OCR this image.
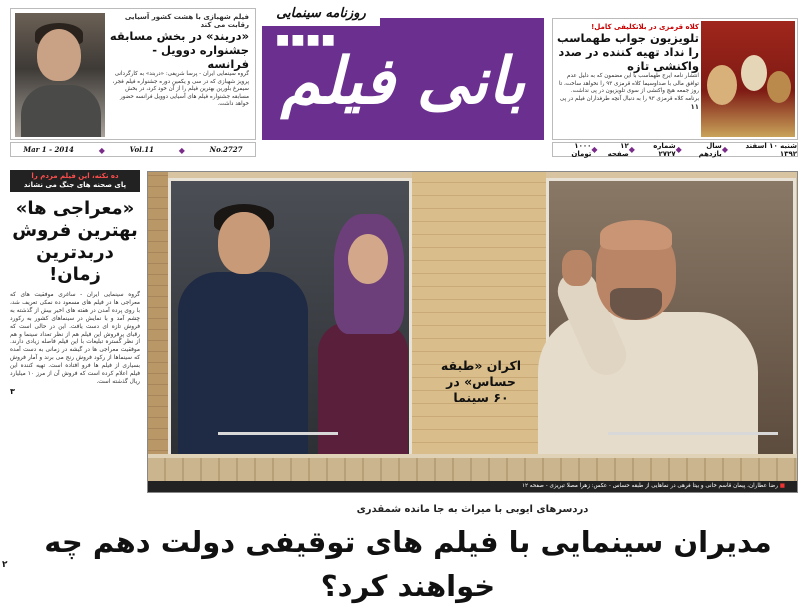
فیلم شهبازی با هشت کشور آسیایی رقابت می کند
«دریند» در بخش مسابقه جشنواره دوویل - فرانسه
گروه سینمایی ایران - پرسا شریفی: «دربند» به کارگردانی پرویز شهبازی که در سی و یکمین دوره جشنواره فیلم فجر، سیمرغ بلورین بهترین فیلم را از آن خود کرد، در بخش مسابقه جشنواره فیلم های آسیایی دوویل فرانسه حضور خواهد داشت.
■■■■
بانی فیلم
روزنامه سینمایی
کلاه قرمزی در بلاتکلیفی کامل!
تلویزیون جواب طهماسب را نداد تهیه کننده در صدد واکنشی تازه
انتشار نامه ایرج طهماسب با این مضمون که به دلیل عدم توافق مالی با صداوسیما کلاه قرمزی ۹۳ را نخواهد ساخت، تا روز جمعه هیچ واکنشی از سوی تلویزیون در پی نداشت. برنامه کلاه قرمزی ۹۳ را به دنبال آنچه طرفداران فیلم در پی
۱۱
Mar 1 - 2014	◆	Vol.11	◆	No.2727	شنبه ۱۰ اسفند ۱۳۹۲
◆
سال یازدهم
◆
شماره ۲۷۲۷
◆
۱۲ صفحه
◆
۱۰۰۰ تومان
ده نکته، این فیلم مردم را
پای صحنه های جنگ می نشاند
«معراجی ها» بهترین فروش دربدترین زمان!
گروه سینمایی ایران - ساغری موفقیت های که معراجی ها در فیلم های مسعود ده نمکی تعریف شد، با روی پرده آمدن در هفته های اخیر بیش از گذشته به چشم آمد و با نمایش در سینماهای کشور به رکورد فروش تازه ای دست یافت. این در حالی است که رقبای پرفروش این فیلم هم از نظر تعداد سینما و هم از نظر گستره تبلیغات با این فیلم فاصله زیادی دارند. موفقیت معراجی ها در گیشه در زمانی به دست آمده که سینماها از رکود فروش رنج می برند و آمار فروش بسیاری از فیلم ها فرو افتاده است. تهیه کننده این فیلم اعلام کرده است که فروش آن از مرز ۱۰ میلیارد ریال گذشته است.
۳
اکران «طبقه حساس» در ۶۰ سینما
■ رضا عطاران، پیمان قاسم خانی و بیتا فرهی در نماهایی از طبقه حساس - عکس: زهرا مصلا تبریزی - صفحه ۱۲
دردسرهای ایوبی با میراث به جا مانده شمقدری
مدیران سینمایی با فیلم های توقیفی دولت دهم چه خواهند کرد؟
۲
